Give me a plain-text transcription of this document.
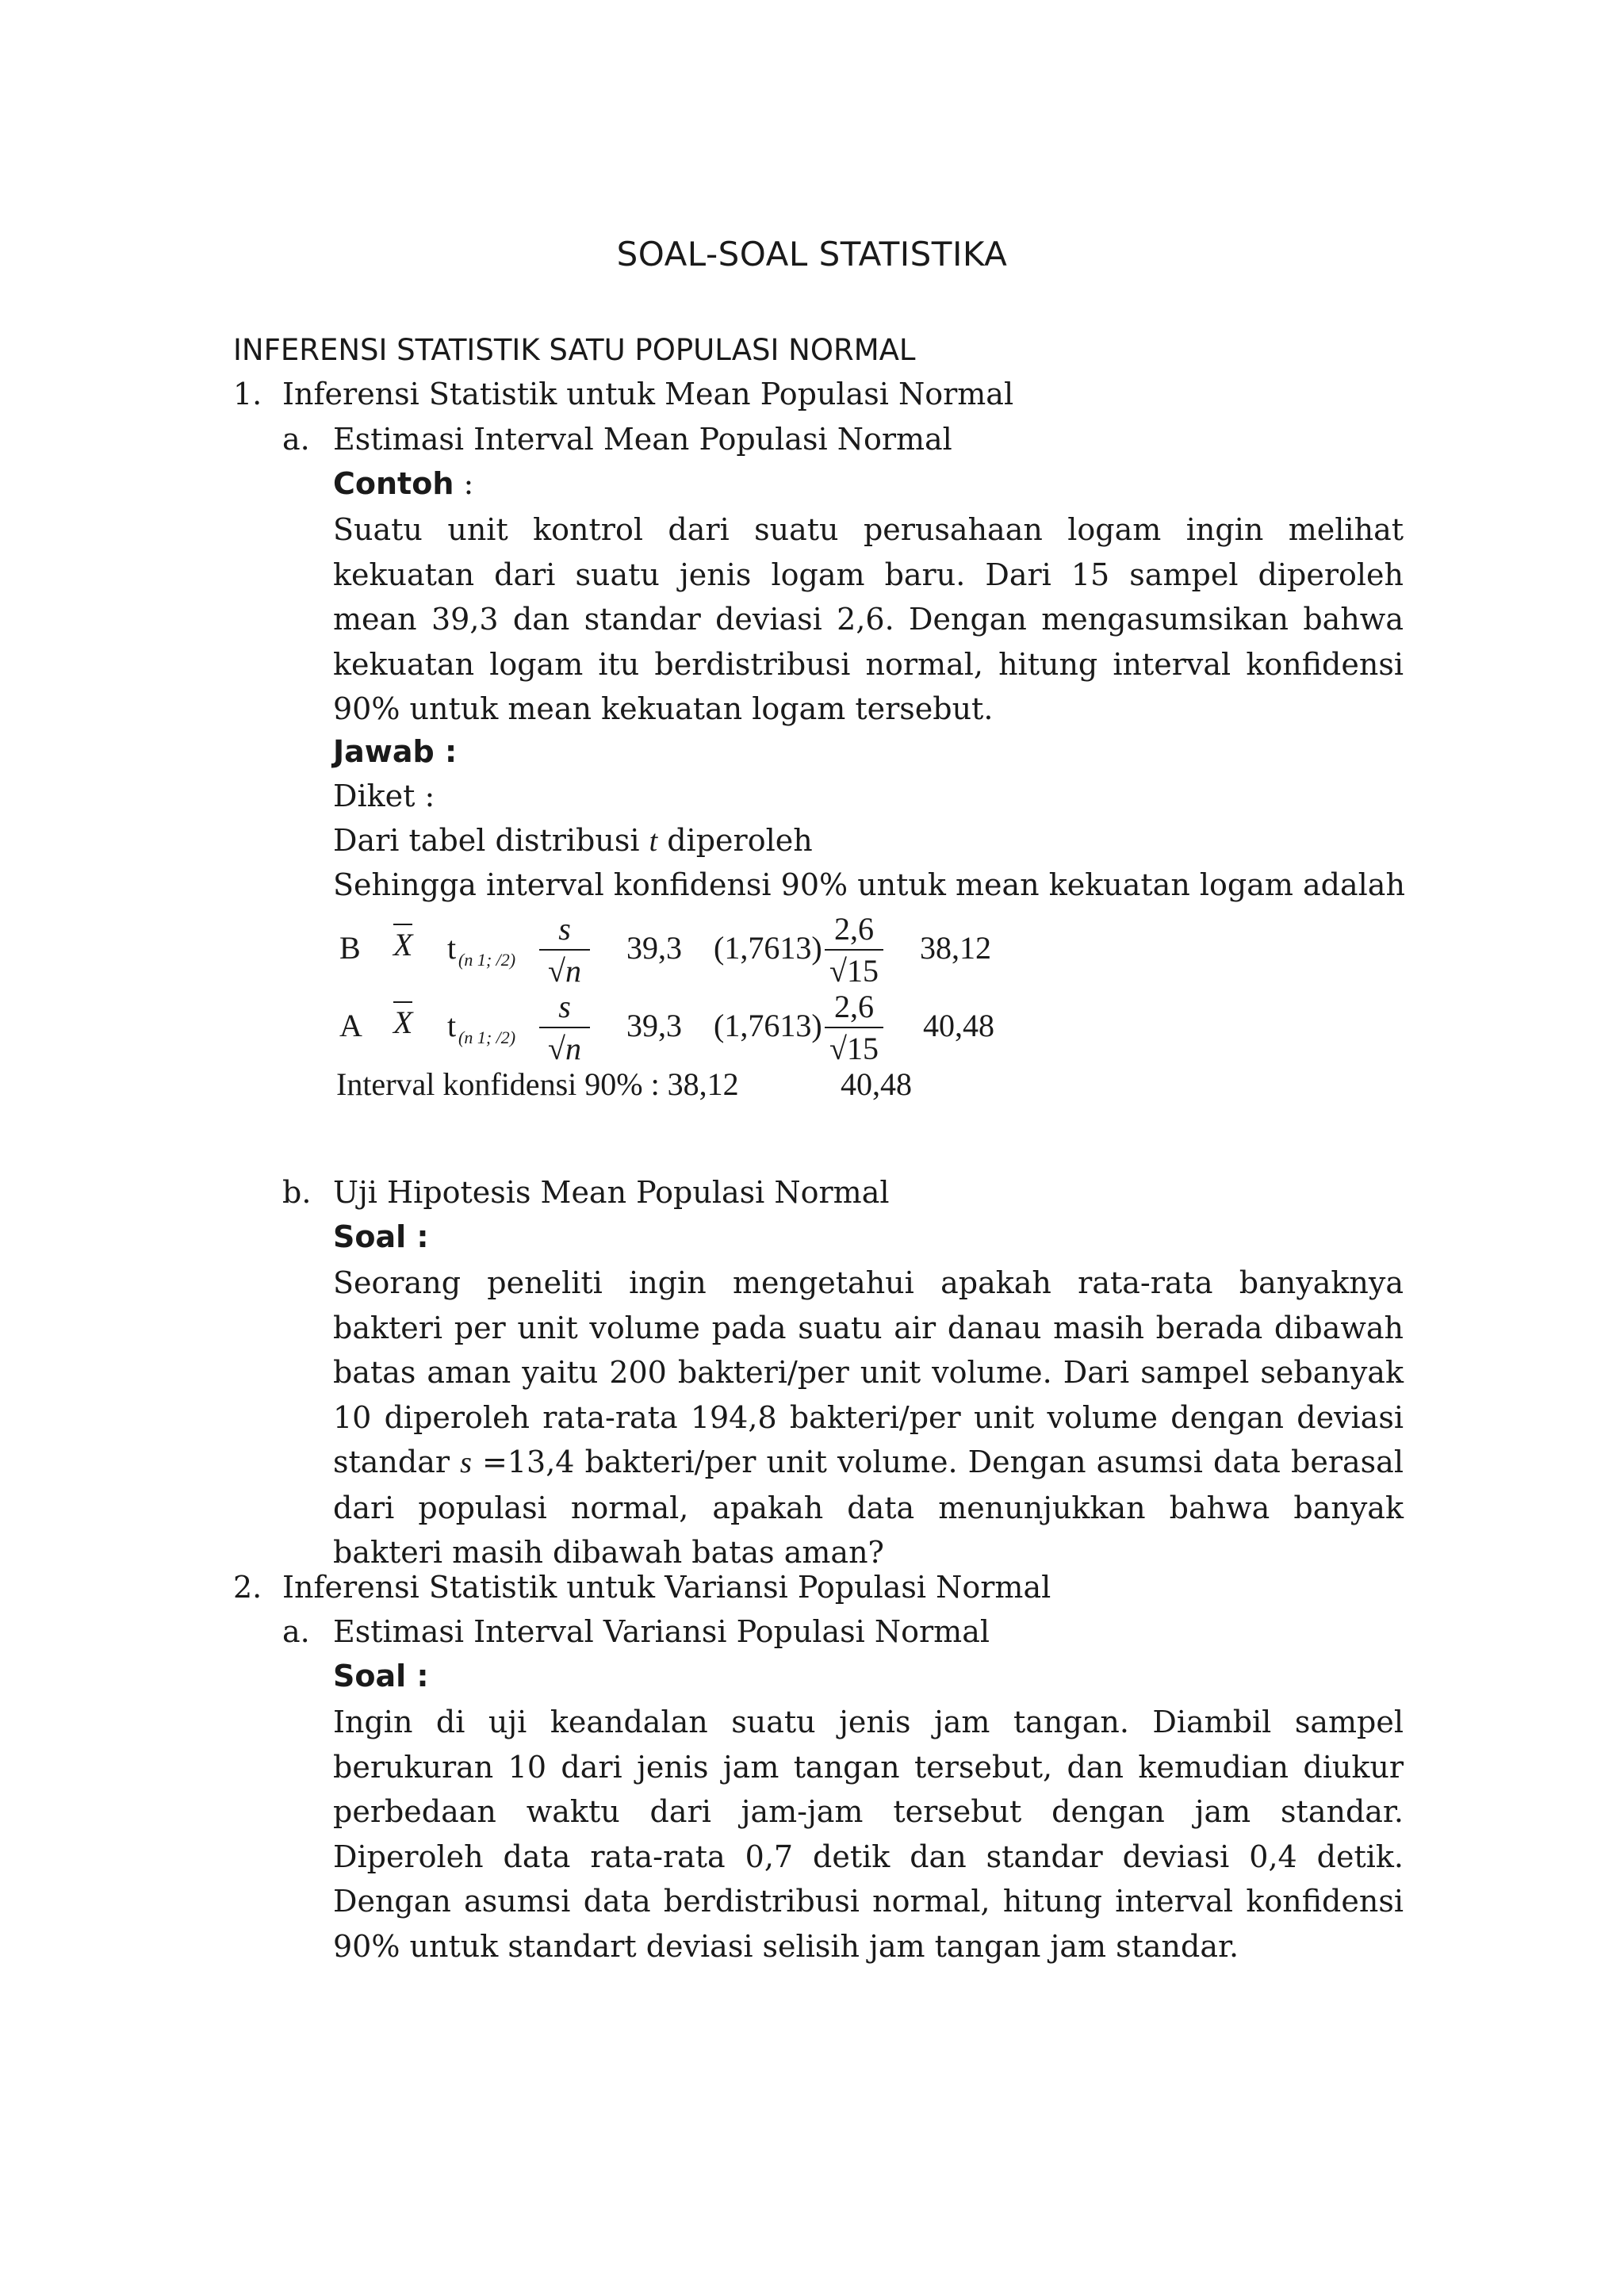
SOAL-SOAL STATISTIKA
INFERENSI STATISTIK SATU POPULASI NORMAL
1. Inferensi Statistik untuk Mean Populasi Normal
a. Estimasi Interval Mean Populasi Normal
Contoh :
Suatu unit kontrol dari suatu perusahaan logam ingin melihat kekuatan dari suatu jenis logam baru. Dari 15 sampel diperoleh mean 39,3 dan standar deviasi 2,6. Dengan mengasumsikan bahwa kekuatan logam itu berdistribusi normal, hitung interval konfidensi 90% untuk mean kekuatan logam tersebut.
Jawab :
Diket :
Dari tabel distribusi t diperoleh
Sehingga interval konfidensi 90% untuk mean kekuatan logam adalah
B X t (n 1; /2)
s
√n
39,3 (1,7613)
2,6
√15
38,12
A X t (n 1; /2)
s
√n
39,3 (1,7613)
2,6
√15
40,48
Interval konfidensi 90% : 38,12	40,48
b. Uji Hipotesis Mean Populasi Normal
Soal :
Seorang peneliti ingin mengetahui apakah rata-rata banyaknya bakteri per unit volume pada suatu air danau masih berada dibawah batas aman yaitu 200 bakteri/per unit volume. Dari sampel sebanyak 10 diperoleh rata-rata 194,8 bakteri/per unit volume dengan deviasi standar s =13,4 bakteri/per unit volume. Dengan asumsi data berasal dari populasi normal, apakah data menunjukkan bahwa banyak bakteri masih dibawah batas aman?
2. Inferensi Statistik untuk Variansi Populasi Normal
a. Estimasi Interval Variansi Populasi Normal
Soal :
Ingin di uji keandalan suatu jenis jam tangan. Diambil sampel berukuran 10 dari jenis jam tangan tersebut, dan kemudian diukur perbedaan waktu dari jam-jam tersebut dengan jam standar. Diperoleh data rata-rata 0,7 detik dan standar deviasi 0,4 detik. Dengan asumsi data berdistribusi normal, hitung interval konfidensi 90% untuk standart deviasi selisih jam tangan jam standar.
